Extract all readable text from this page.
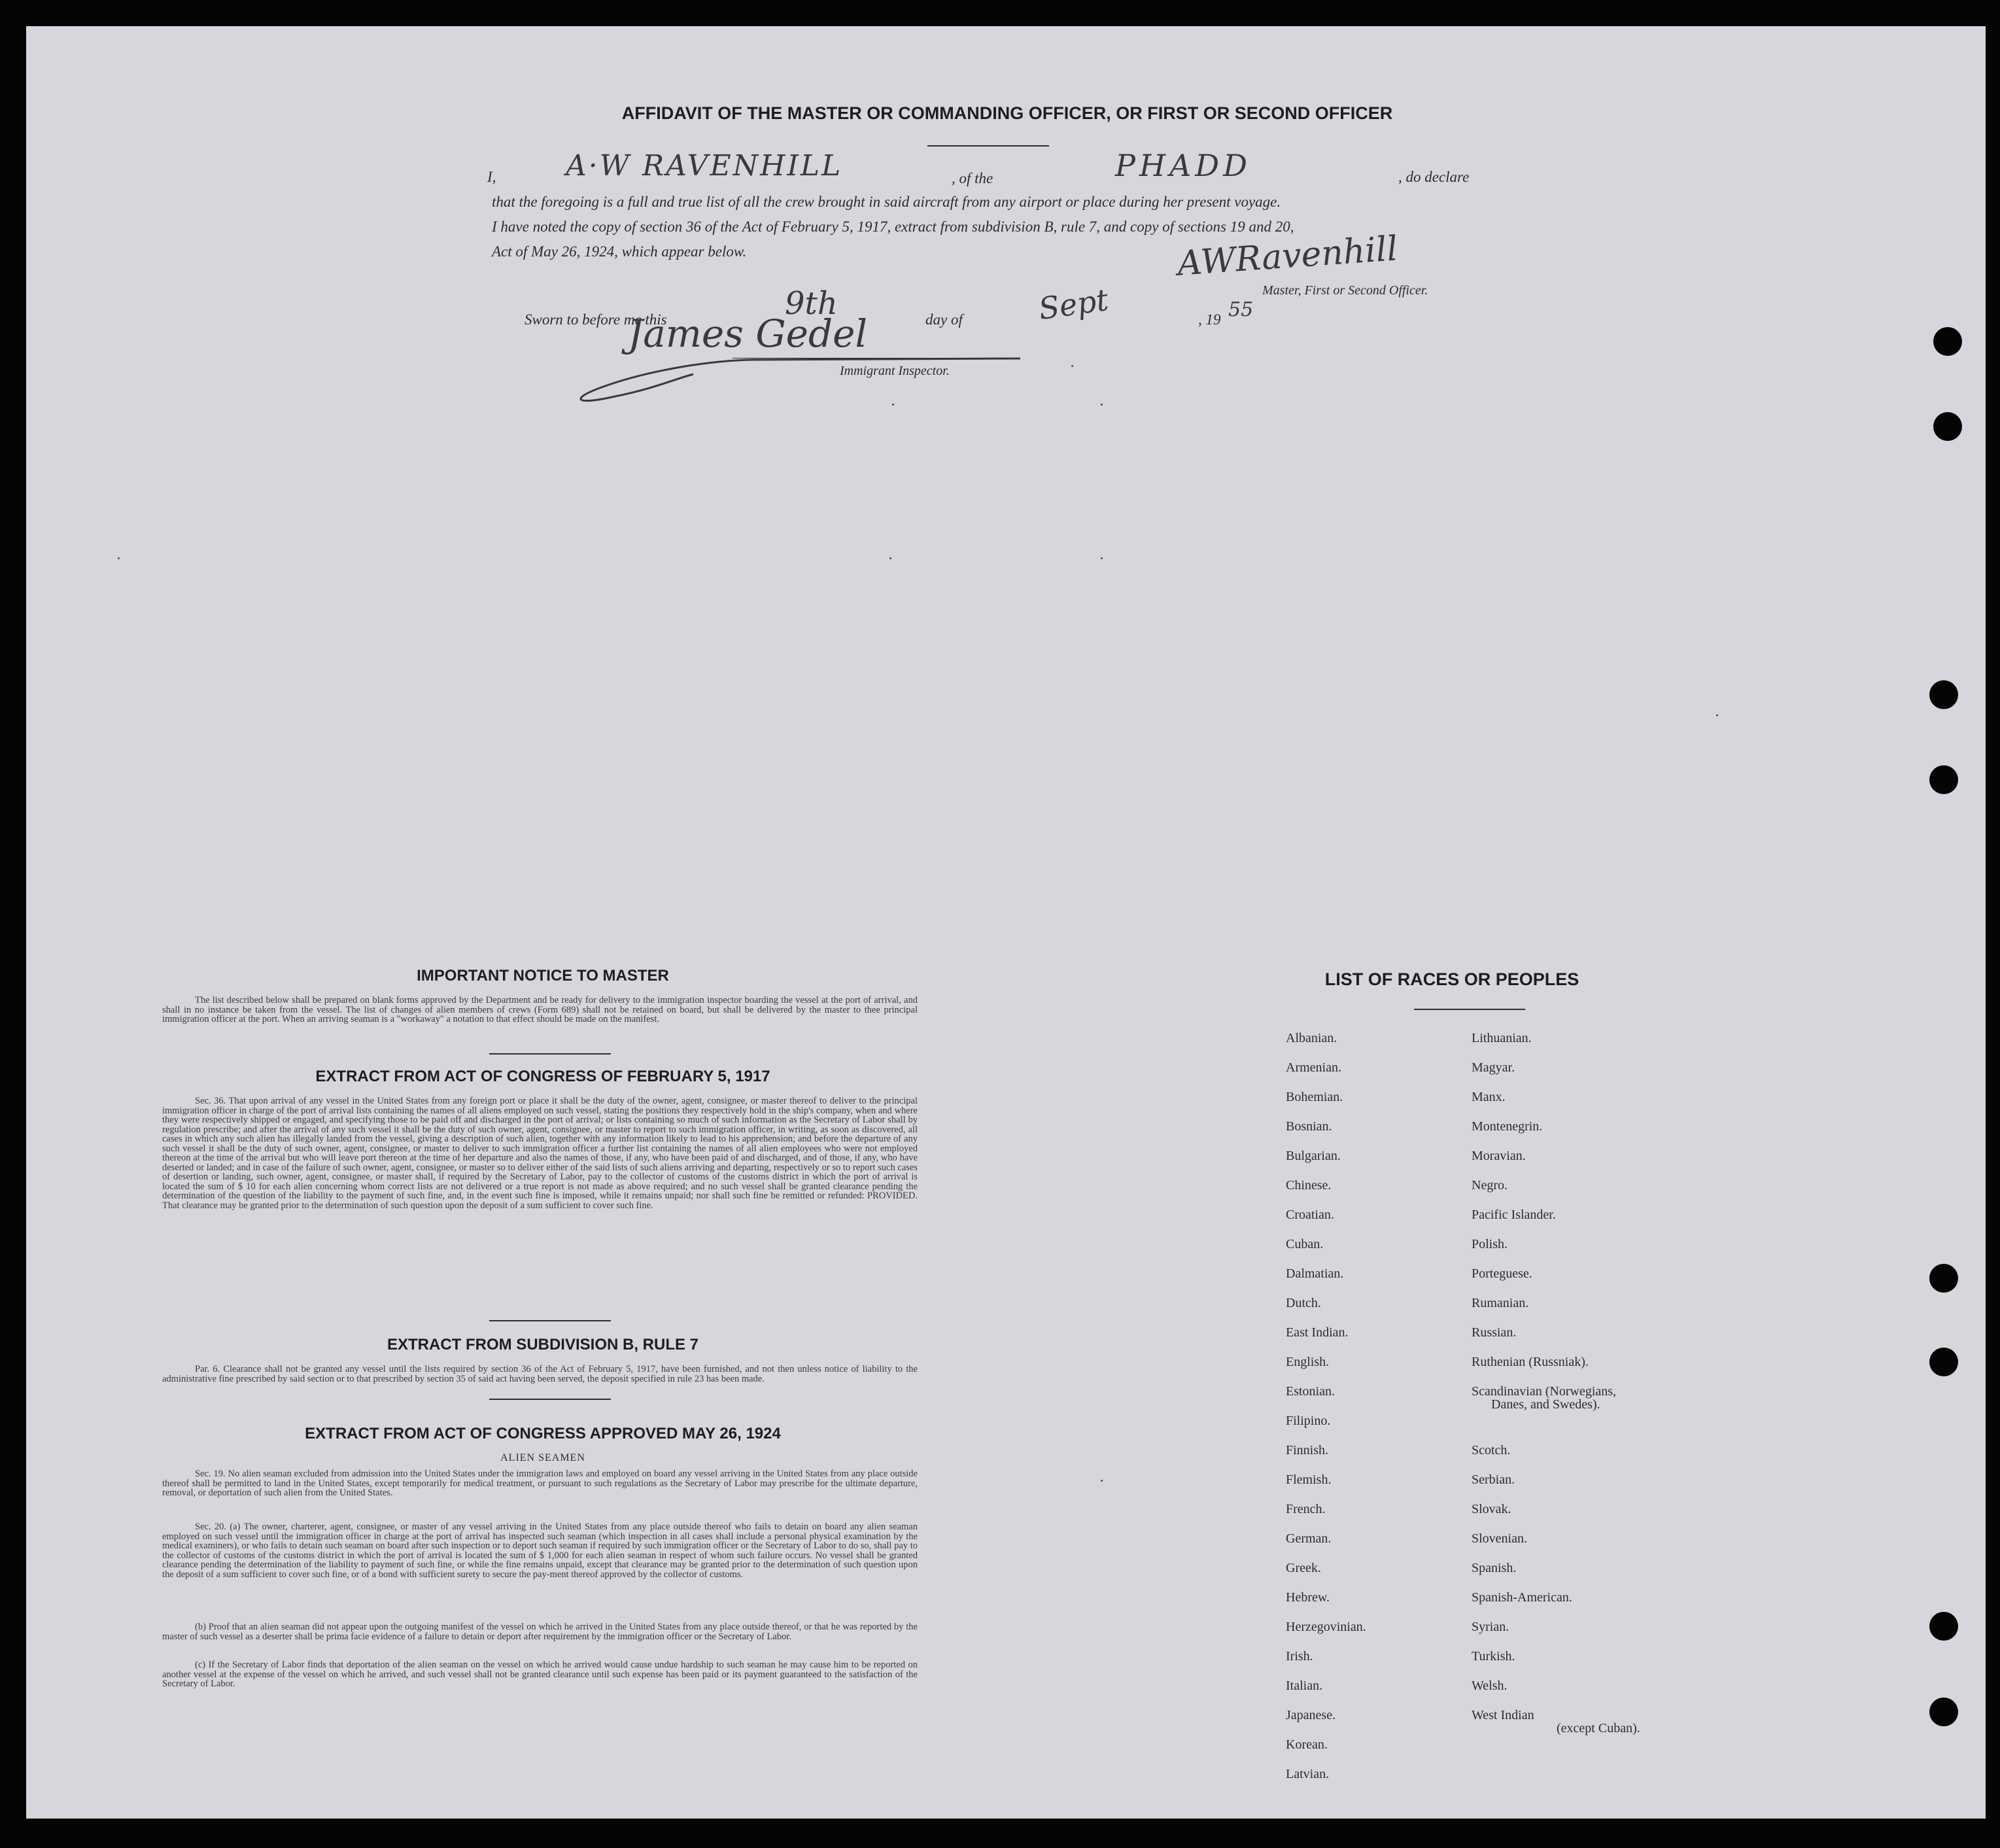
AFFIDAVIT OF THE MASTER OR COMMANDING OFFICER, OR FIRST OR SECOND OFFICER
I, A·W RAVENHILL	, of the	PHADD	, do declare
that the foregoing is a full and true list of all the crew brought in said aircraft from any airport or place during her present voyage.
I have noted the copy of section 36 of the Act of February 5, 1917, extract from subdivision B, rule 7, and copy of sections 19 and 20,
Act of May 26, 1924, which appear below.	AWRavenhill
Master, First or Second Officer.
Sworn to before me this	9th	day of Sept	, 19 55
James Gedel
Immigrant Inspector.
IMPORTANT NOTICE TO MASTER
The list described below shall be prepared on blank forms approved by the Department and be ready for delivery to the immigration inspector boarding the vessel at the port of arrival, and shall in no instance be taken from the vessel. The list of changes of alien members of crews (Form 689) shall not be retained on board, but shall be delivered by the master to thee principal immigration officer at the port. When an arriving seaman is a "workaway" a notation to that effect should be made on the manifest.
EXTRACT FROM ACT OF CONGRESS OF FEBRUARY 5, 1917
Sec. 36. That upon arrival of any vessel in the United States from any foreign port or place it shall be the duty of the owner, agent, consignee, or master thereof to deliver to the principal immigration officer in charge of the port of arrival lists containing the names of all aliens employed on such vessel, stating the positions they respectively hold in the ship's company, when and where they were respectively shipped or engaged, and specifying those to be paid off and discharged in the port of arrival; or lists containing so much of such information as the Secretary of Labor shall by regulation prescribe; and after the arrival of any such vessel it shall be the duty of such owner, agent, consignee, or master to report to such immigration officer, in writing, as soon as discovered, all cases in which any such alien has illegally landed from the vessel, giving a description of such alien, together with any information likely to lead to his apprehension; and before the departure of any such vessel it shall be the duty of such owner, agent, consignee, or master to deliver to such immigration officer a further list containing the names of all alien employees who were not employed thereon at the time of the arrival but who will leave port thereon at the time of her departure and also the names of those, if any, who have been paid of and discharged, and of those, if any, who have deserted or landed; and in case of the failure of such owner, agent, consignee, or master so to deliver either of the said lists of such aliens arriving and departing, respectively or so to report such cases of desertion or landing, such owner, agent, consignee, or master shall, if required by the Secretary of Labor, pay to the collector of customs of the customs district in which the port of arrival is located the sum of $ 10 for each alien concerning whom correct lists are not delivered or a true report is not made as above required; and no such vessel shall be granted clearance pending the determination of the question of the liability to the payment of such fine, and, in the event such fine is imposed, while it remains unpaid; nor shall such fine be remitted or refunded: PROVIDED. That clearance may be granted prior to the determination of such question upon the deposit of a sum sufficient to cover such fine.
EXTRACT FROM SUBDIVISION B, RULE 7
Par. 6. Clearance shall not be granted any vessel until the lists required by section 36 of the Act of February 5, 1917, have been furnished, and not then unless notice of liability to the administrative fine prescribed by said section or to that prescribed by section 35 of said act having been served, the deposit specified in rule 23 has been made.
EXTRACT FROM ACT OF CONGRESS APPROVED MAY 26, 1924
ALIEN SEAMEN
Sec. 19. No alien seaman excluded from admission into the United States under the immigration laws and employed on board any vessel arriving in the United States from any place outside thereof shall be permitted to land in the United States, except temporarily for medical treatment, or pursuant to such regulations as the Secretary of Labor may prescribe for the ultimate departure, removal, or deportation of such alien from the United States.
Sec. 20. (a) The owner, charterer, agent, consignee, or master of any vessel arriving in the United States from any place outside thereof who fails to detain on board any alien seaman employed on such vessel until the immigration officer in charge at the port of arrival has inspected such seaman (which inspection in all cases shall include a personal physical examination by the medical examiners), or who fails to detain such seaman on board after such inspection or to deport such seaman if required by such immigration officer or the Secretary of Labor to do so, shall pay to the collector of customs of the customs district in which the port of arrival is located the sum of $ 1,000 for each alien seaman in respect of whom such failure occurs. No vessel shall be granted clearance pending the determination of the liability to payment of such fine, or while the fine remains unpaid, except that clearance may be granted prior to the determination of such question upon the deposit of a sum sufficient to cover such fine, or of a bond with sufficient surety to secure the pay-ment thereof approved by the collector of customs.
(b) Proof that an alien seaman did not appear upon the outgoing manifest of the vessel on which he arrived in the United States from any place outside thereof, or that he was reported by the master of such vessel as a deserter shall be prima facie evidence of a failure to detain or deport after requirement by the immigration officer or the Secretary of Labor.
(c) If the Secretary of Labor finds that deportation of the alien seaman on the vessel on which he arrived would cause undue hardship to such seaman he may cause him to be reported on another vessel at the expense of the vessel on which he arrived, and such vessel shall not be granted clearance until such expense has been paid or its payment guaranteed to the satisfaction of the Secretary of Labor.
LIST OF RACES OR PEOPLES
Albanian.
Armenian.
Bohemian.
Bosnian.
Bulgarian.
Chinese.
Croatian.
Cuban.
Dalmatian.
Dutch.
East Indian.
English.
Estonian.
Filipino.
Finnish.
Flemish.
French.
German.
Greek.
Hebrew.
Herzegovinian.
Irish.
Italian.
Japanese.
Korean.
Latvian.
Lithuanian.
Magyar.
Manx.
Montenegrin.
Moravian.
Negro.
Pacific Islander.
Polish.
Porteguese.
Rumanian.
Russian.
Ruthenian (Russniak).
Scandinavian (Norwegians,
Danes, and Swedes).
Scotch.
Serbian.
Slovak.
Slovenian.
Spanish.
Spanish-American.
Syrian.
Turkish.
Welsh.
West Indian
(except Cuban).
